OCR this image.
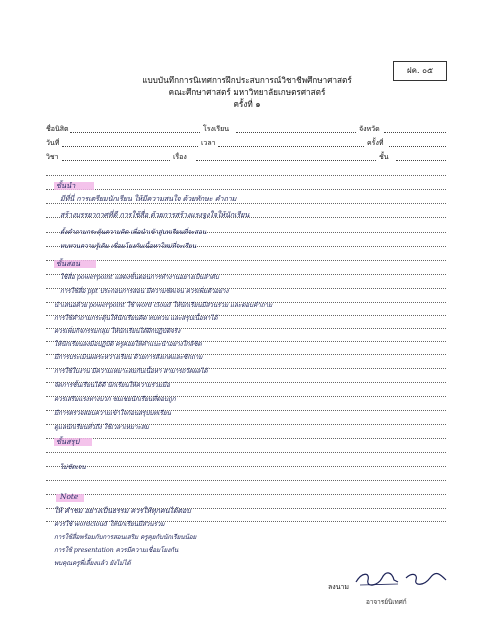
ฝค. ๐๕
แบบบันทึกการนิเทศการฝึกประสบการณ์วิชาชีพศึกษาศาสตร์
คณะศึกษาศาสตร์ มหาวิทยาลัยเกษตรศาสตร์
ครั้งที่ ๑
ชื่อนิสิต	โรงเรียน	จังหวัด
วันที่	เวลา	ครั้งที่
วิชา	เรื่อง	ชั้น
ขั้นนำ
มีที่นี่ การเตรียมนักเรียน ให้มีความสนใจ ด้วยทักษะ คำถาม
สร้างบรรยากาศที่ดี การใช้สื่อ ด้วยการสร้างแรงจูงใจให้นักเรียน
ตั้งคำถามกระตุ้นความคิด เพื่อนำเข้าสู่บทเรียนที่จะสอน
ทบทวนความรู้เดิม เชื่อมโยงกับเนื้อหาใหม่ที่จะเรียน
ขั้นสอน
ใช้สื่อ powerpoint แสดงขั้นตอนการทำงานอย่างเป็นลำดับ
การใช้สื่อ ppt ประกอบการสอน มีความชัดเจน ควรเพิ่มตัวอย่าง
นำเสนอด้วย powerpoint ใช้ word cloud ให้นักเรียนมีส่วนร่วม และตอบคำถาม
การใช้คำถามกระตุ้นให้นักเรียนคิด ทบทวน และสรุปเนื้อหาได้
ควรเพิ่มกิจกรรมกลุ่ม ให้นักเรียนได้ฝึกปฏิบัติจริง
ให้นักเรียนลงมือปฏิบัติ ครูคอยให้คำแนะนำอย่างใกล้ชิด
มีการประเมินผลระหว่างเรียน ด้วยการสังเกตและซักถาม
การใช้ใบงาน มีความเหมาะสมกับเนื้อหา สามารถวัดผลได้
จัดการชั้นเรียนได้ดี นักเรียนให้ความร่วมมือ
ควรเสริมแรงทางบวก ชมเชยนักเรียนที่ตอบถูก
มีการตรวจสอบความเข้าใจก่อนสรุปบทเรียน
ดูแลนักเรียนทั่วถึง ใช้เวลาเหมาะสม
ขั้นสรุป
ไม่ชัดเจน
Note
ให้ คำชม อย่างเป็นธรรม ควรให้ทุกคนได้ตอบ
ควรใช้ wordcloud ให้นักเรียนมีส่วนร่วม
การใช้สื่อพร้อมกับการสอนเสริม ครูคุยกับนักเรียนน้อย
การใช้ presentation ควรมีความเชื่อมโยงกัน
พบคุณครูพี่เลี้ยงแล้ว ยังไม่ได้
ลงนาม
อาจารย์นิเทศก์
